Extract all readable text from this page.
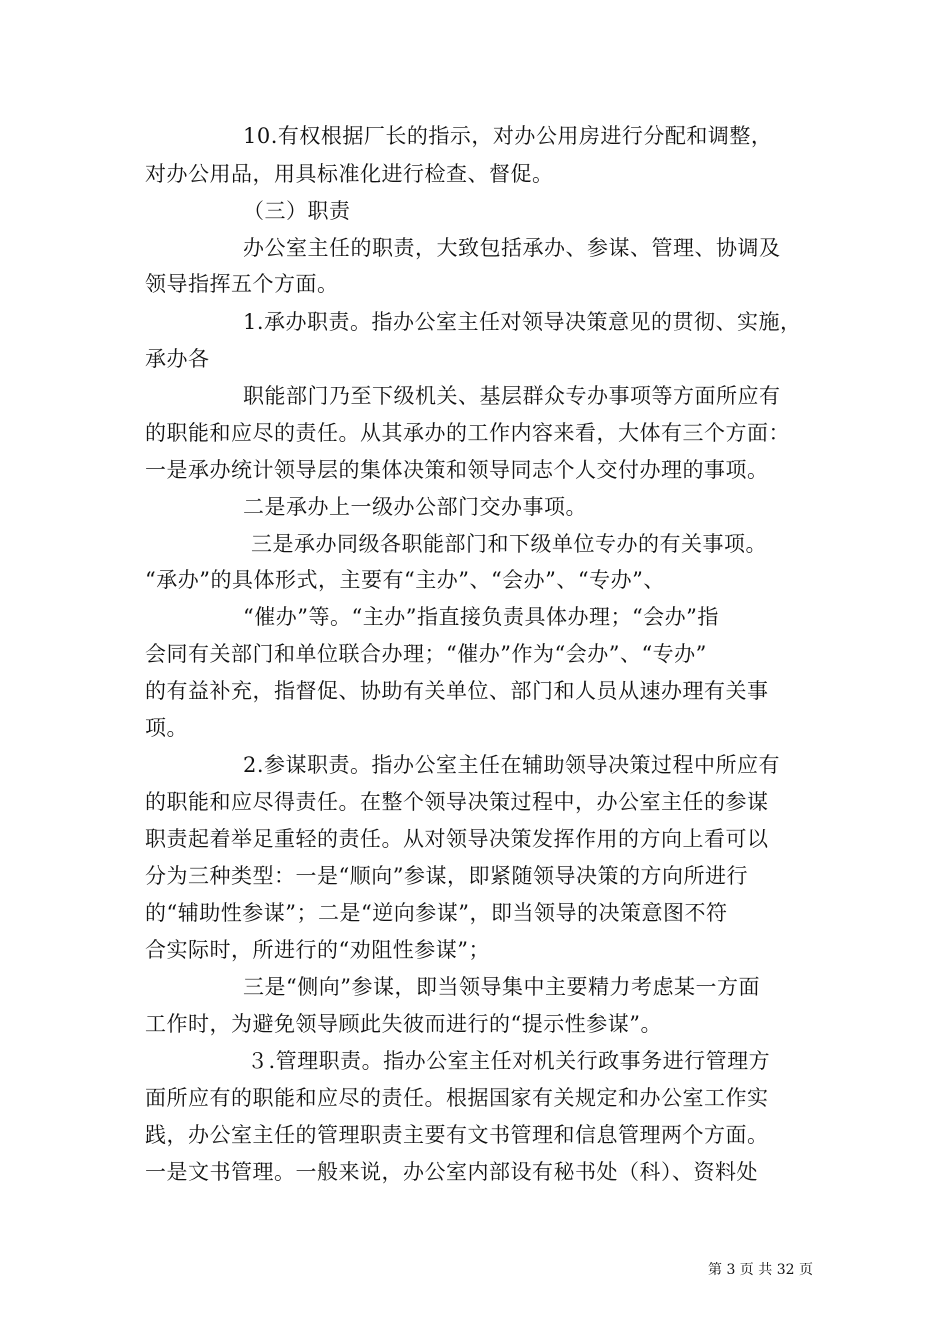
10.有权根据厂长的指示，对办公用房进行分配和调整，
对办公用品，用具标准化进行检查、督促。
（三）职责
办公室主任的职责，大致包括承办、参谋、管理、协调及
领导指挥五个方面。
1.承办职责。指办公室主任对领导决策意见的贯彻、实施，
承办各
职能部门乃至下级机关、基层群众专办事项等方面所应有
的职能和应尽的责任。从其承办的工作内容来看，大体有三个方面：
一是承办统计领导层的集体决策和领导同志个人交付办理的事项。
二是承办上一级办公部门交办事项。
三是承办同级各职能部门和下级单位专办的有关事项。
“承办”的具体形式，主要有“主办”、“会办”、“专办”、
“催办”等。“主办”指直接负责具体办理；“会办”指
会同有关部门和单位联合办理；“催办”作为“会办”、“专办”
的有益补充，指督促、协助有关单位、部门和人员从速办理有关事
项。
2.参谋职责。指办公室主任在辅助领导决策过程中所应有
的职能和应尽得责任。在整个领导决策过程中，办公室主任的参谋
职责起着举足重轻的责任。从对领导决策发挥作用的方向上看可以
分为三种类型：一是“顺向”参谋，即紧随领导决策的方向所进行
的“辅助性参谋”；二是“逆向参谋”，即当领导的决策意图不符
合实际时，所进行的“劝阻性参谋”；
三是“侧向”参谋，即当领导集中主要精力考虑某一方面
工作时，为避免领导顾此失彼而进行的“提示性参谋”。
３.管理职责。指办公室主任对机关行政事务进行管理方
面所应有的职能和应尽的责任。根据国家有关规定和办公室工作实
践，办公室主任的管理职责主要有文书管理和信息管理两个方面。
一是文书管理。一般来说，办公室内部设有秘书处（科）、资料处
第 3 页 共 32 页
